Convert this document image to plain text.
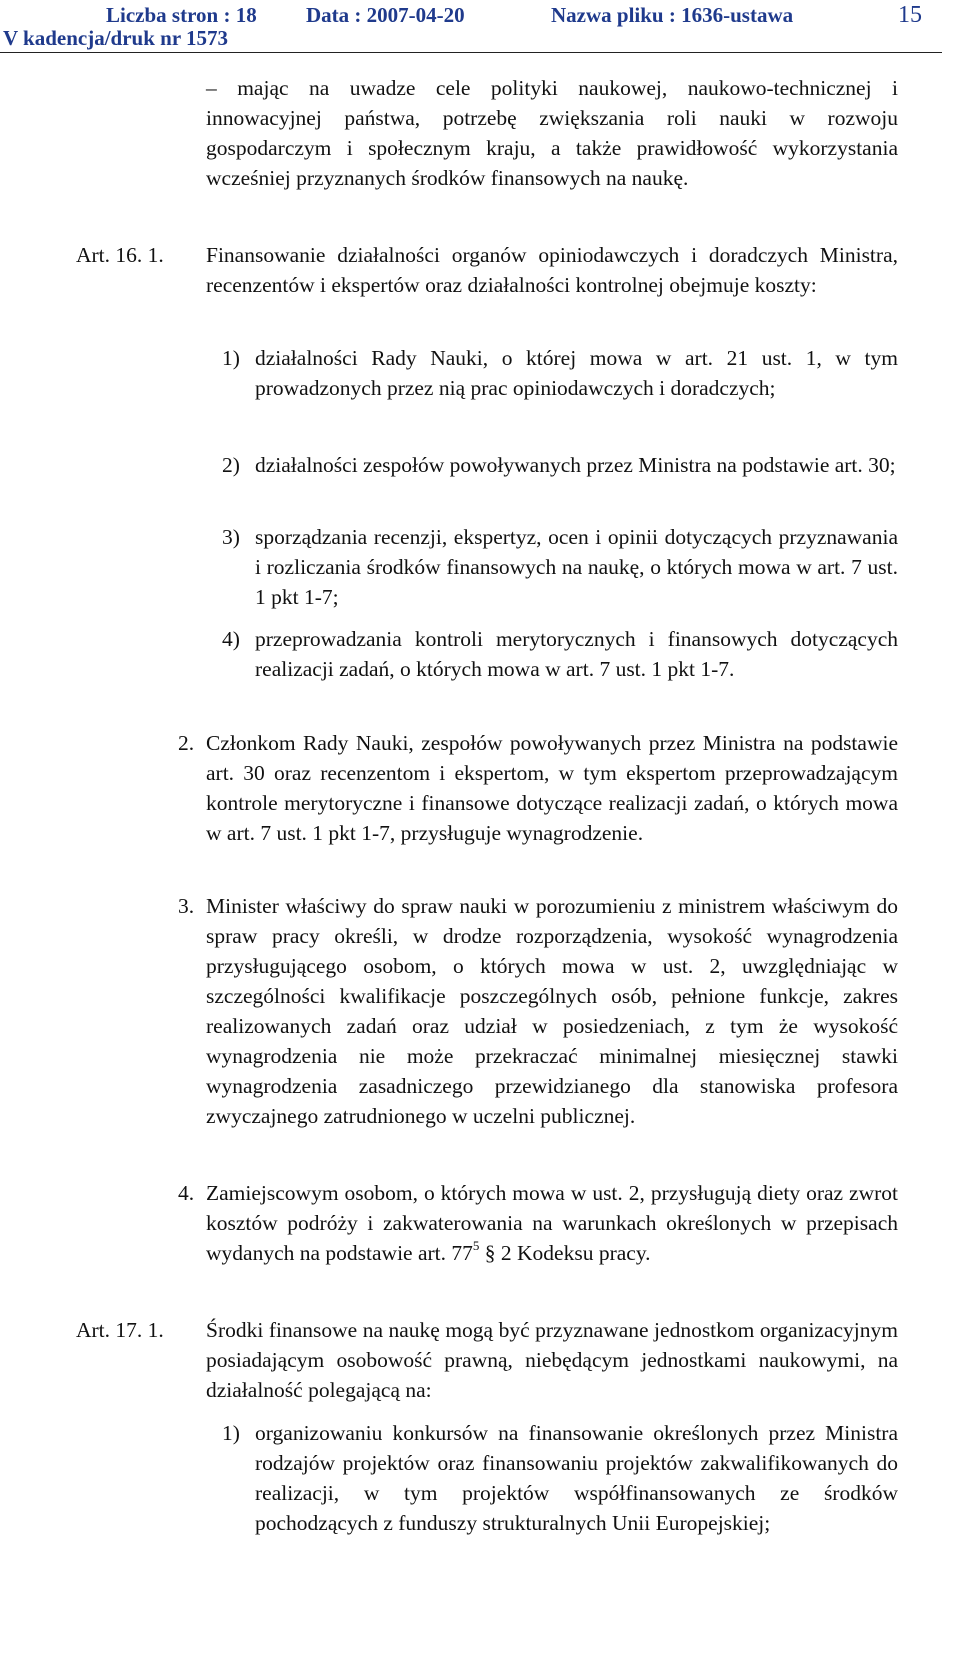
Liczba stron : 18 Data : 2007-04-20	Nazwa pliku : 1636-ustawa
V kadencja/druk nr 1573
15
– mając na uwadze cele polityki naukowej, naukowo-technicznej i innowacyjnej państwa, potrzebę zwiększania roli nauki w rozwoju gospodarczym i społecznym kraju, a także prawidłowość wykorzystania wcześniej przyznanych środków finansowych na naukę.
Art. 16. 1. Finansowanie działalności organów opiniodawczych i doradczych Ministra, recenzentów i ekspertów oraz działalności kontrolnej obejmuje koszty:
1) działalności Rady Nauki, o której mowa w art. 21 ust. 1, w tym prowadzonych przez nią prac opiniodawczych i doradczych;
2) działalności zespołów powoływanych przez Ministra na podstawie art. 30;
3) sporządzania recenzji, ekspertyz, ocen i opinii dotyczących przyznawania i rozliczania środków finansowych na naukę, o których mowa w art. 7 ust. 1 pkt 1-7;
4) przeprowadzania kontroli merytorycznych i finansowych dotyczących realizacji zadań, o których mowa w art. 7 ust. 1 pkt 1-7.
2. Członkom Rady Nauki, zespołów powoływanych przez Ministra na podstawie art. 30 oraz recenzentom i ekspertom, w tym ekspertom przeprowadzającym kontrole merytoryczne i finansowe dotyczące realizacji zadań, o których mowa w art. 7 ust. 1 pkt 1-7, przysługuje wynagrodzenie.
3. Minister właściwy do spraw nauki w porozumieniu z ministrem właściwym do spraw pracy określi, w drodze rozporządzenia, wysokość wynagrodzenia przysługującego osobom, o których mowa w ust. 2, uwzględniając w szczególności kwalifikacje poszczególnych osób, pełnione funkcje, zakres realizowanych zadań oraz udział w posiedzeniach, z tym że wysokość wynagrodzenia nie może przekraczać minimalnej miesięcznej stawki wynagrodzenia zasadniczego przewidzianego dla stanowiska profesora zwyczajnego zatrudnionego w uczelni publicznej.
4. Zamiejscowym osobom, o których mowa w ust. 2, przysługują diety oraz zwrot kosztów podróży i zakwaterowania na warunkach określonych w przepisach wydanych na podstawie art. $77^5$ § 2 Kodeksu pracy.
Art. 17. 1. Środki finansowe na naukę mogą być przyznawane jednostkom organizacyjnym posiadającym osobowość prawną, niebędącym jednostkami naukowymi, na działalność polegającą na:
1) organizowaniu konkursów na finansowanie określonych przez Ministra rodzajów projektów oraz finansowaniu projektów zakwalifikowanych do realizacji, w tym projektów współfinansowanych ze środków pochodzących z funduszy strukturalnych Unii Europejskiej;
